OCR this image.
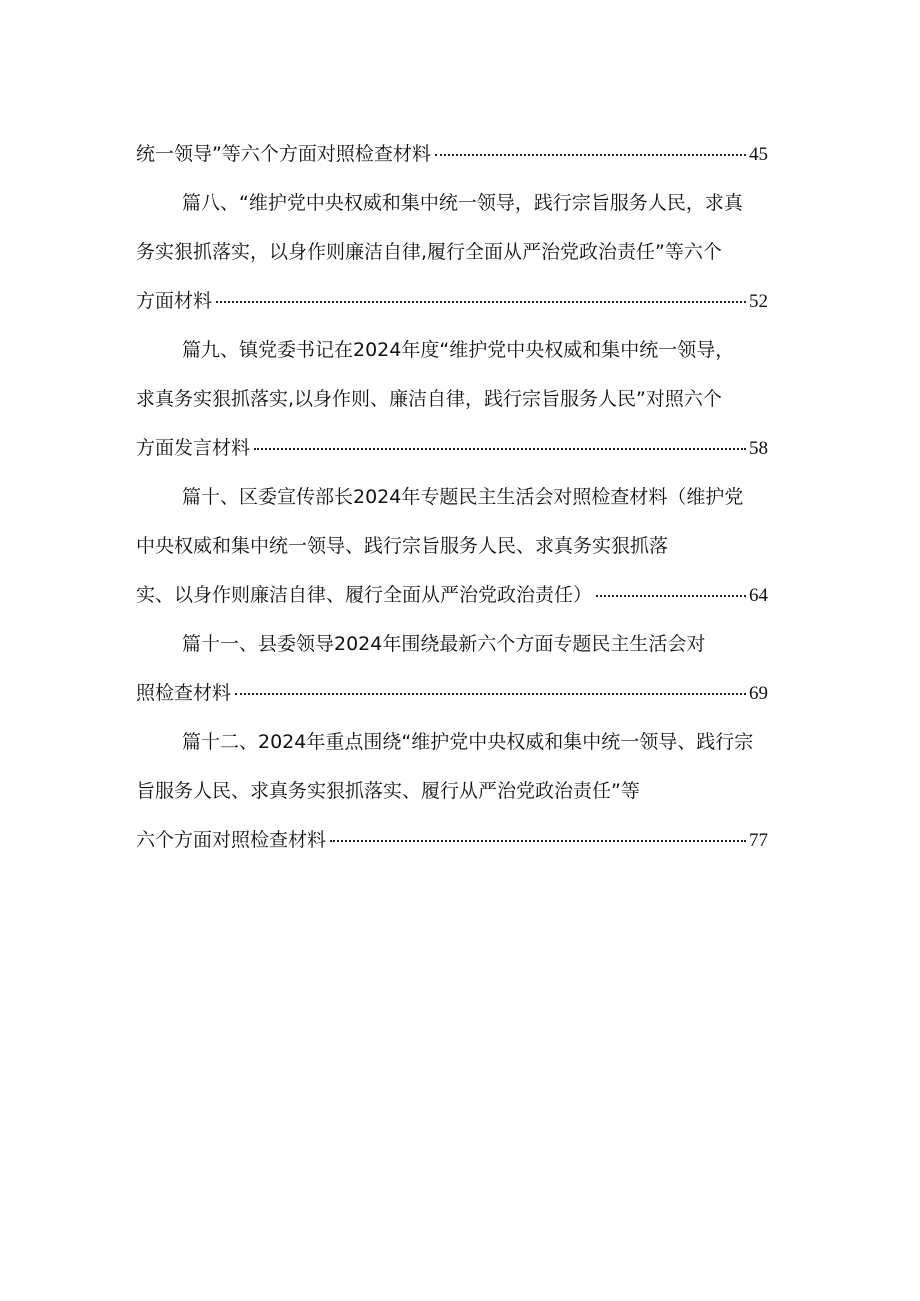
统一领导”等六个方面对照检查材料	45
篇八、“维护党中央权威和集中统一领导，践行宗旨服务人民，求真
务实狠抓落实，以身作则廉洁自律,履行全面从严治党政治责任”等六个
方面材料	52
篇九、镇党委书记在2024年度“维护党中央权威和集中统一领导，
求真务实狠抓落实,以身作则、廉洁自律，践行宗旨服务人民”对照六个
方面发言材料	58
篇十、区委宣传部长2024年专题民主生活会对照检查材料（维护党
中央权威和集中统一领导、践行宗旨服务人民、求真务实狠抓落
实、以身作则廉洁自律、履行全面从严治党政治责任）	64
篇十一、县委领导2024年围绕最新六个方面专题民主生活会对
照检查材料	69
篇十二、2024年重点围绕“维护党中央权威和集中统一领导、践行宗
旨服务人民、求真务实狠抓落实、履行从严治党政治责任”等
六个方面对照检查材料	77
